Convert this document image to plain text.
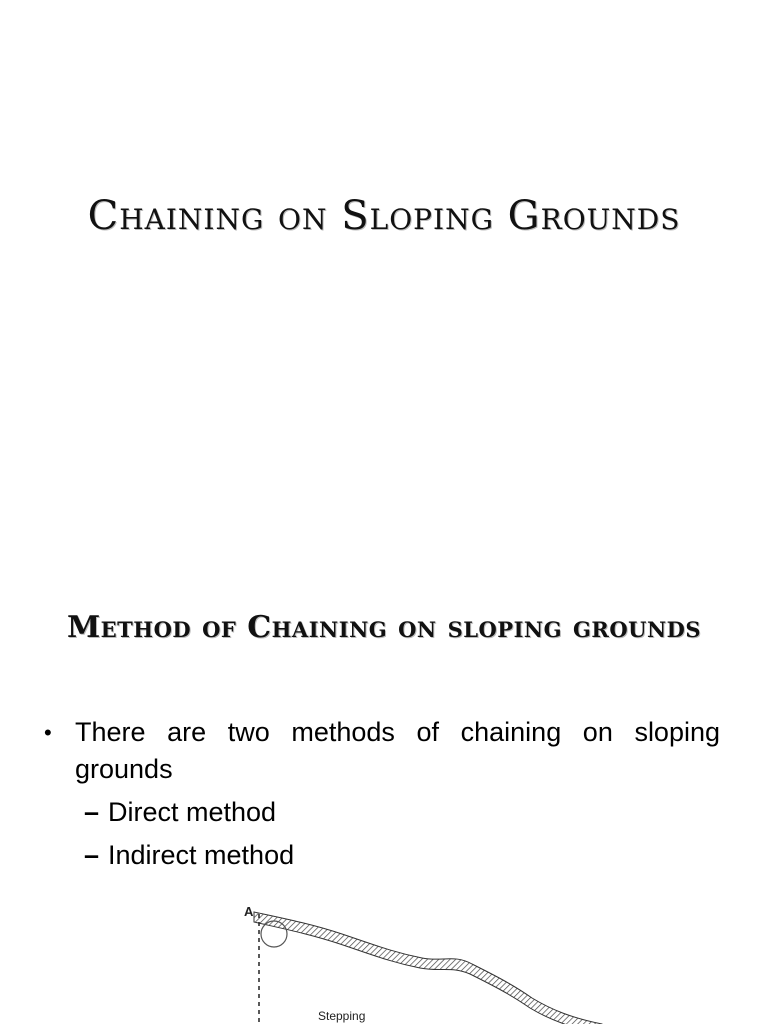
Chaining on Sloping Grounds
Method of Chaining on sloping grounds
• There are two methods of chaining on sloping grounds
– Direct method
– Indirect method
A
Stepping
